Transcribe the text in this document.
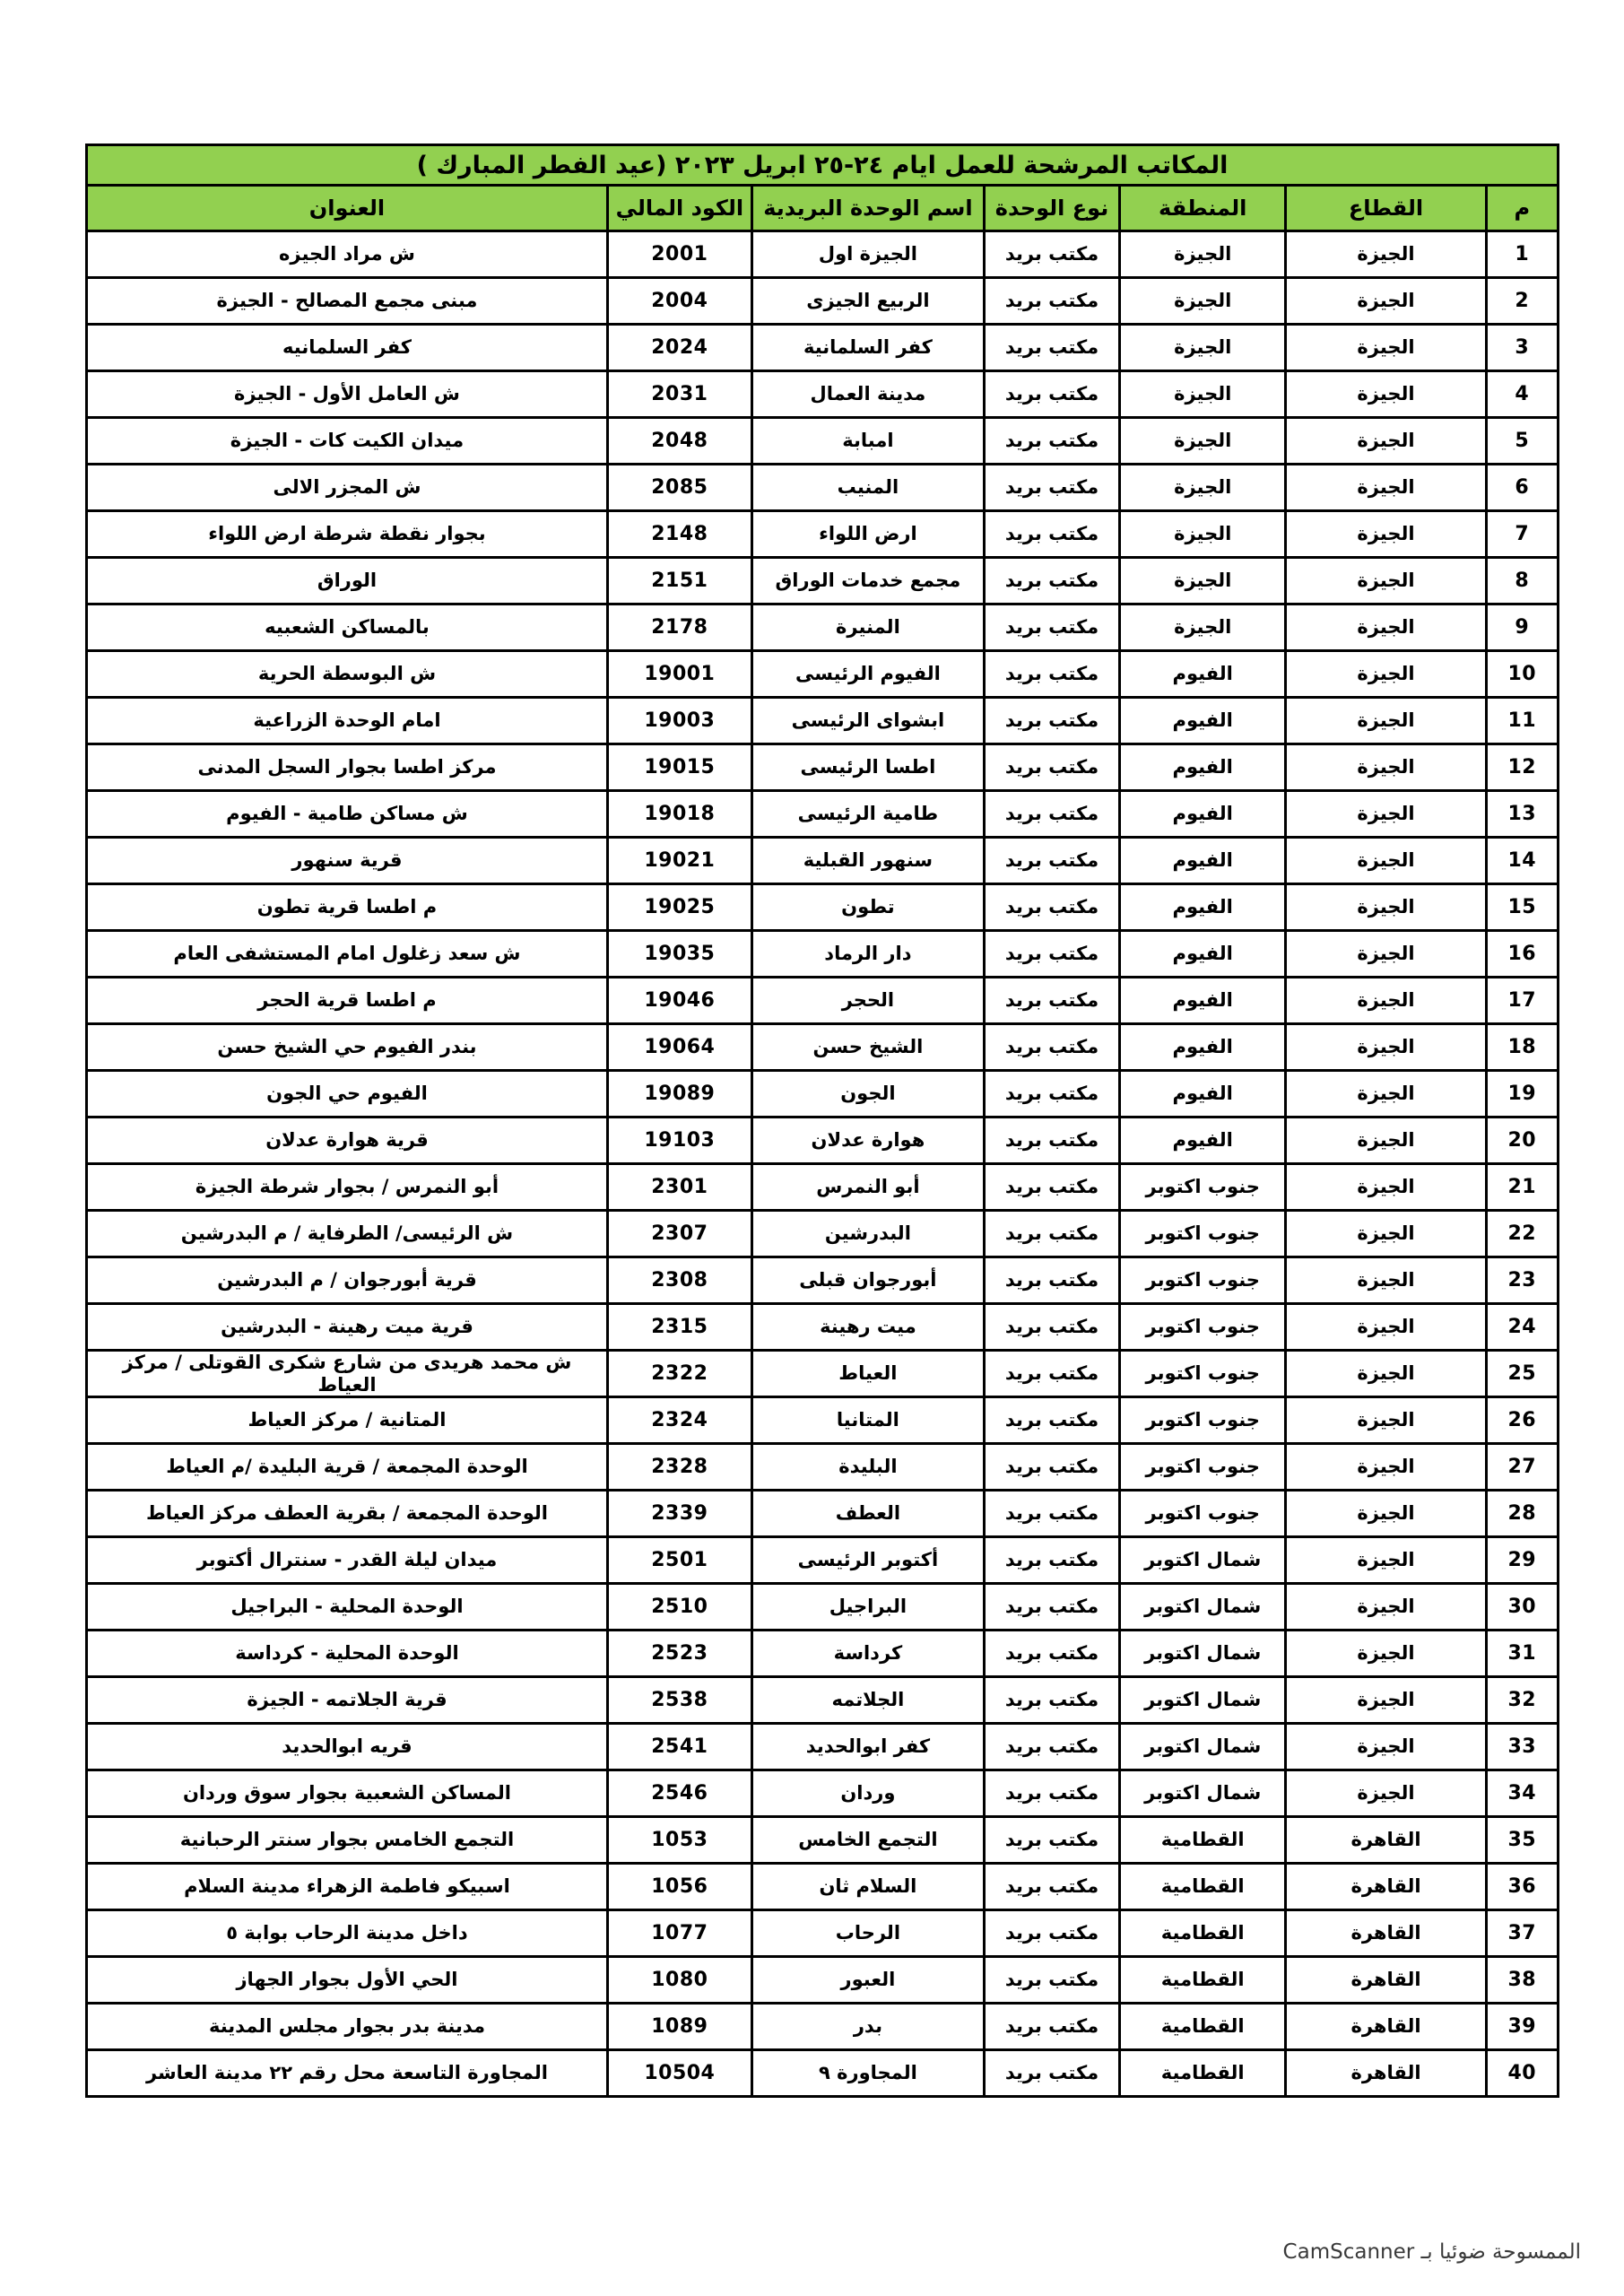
المكاتب المرشحة للعمل ايام ٢٤-٢٥ ابريل ٢٠٢٣ (عيد الفطر المبارك )						
م	القطاع	المنطقة	نوع الوحدة	اسم الوحدة البريدية	الكود المالي	العنوان
1	الجيزة	الجيزة	مكتب بريد	الجيزة اول	2001	ش مراد الجيزه
2	الجيزة	الجيزة	مكتب بريد	الربيع الجيزى	2004	مبنى مجمع المصالح - الجيزة
3	الجيزة	الجيزة	مكتب بريد	كفر السلمانية	2024	كفر السلمانيه
4	الجيزة	الجيزة	مكتب بريد	مدينة العمال	2031	ش العامل الأول - الجيزة
5	الجيزة	الجيزة	مكتب بريد	امبابة	2048	ميدان الكيت كات - الجيزة
6	الجيزة	الجيزة	مكتب بريد	المنيب	2085	ش المجزر الالى
7	الجيزة	الجيزة	مكتب بريد	ارض اللواء	2148	بجوار نقطة شرطة ارض اللواء
8	الجيزة	الجيزة	مكتب بريد	مجمع خدمات الوراق	2151	الوراق
9	الجيزة	الجيزة	مكتب بريد	المنيرة	2178	بالمساكن الشعبيه
10	الجيزة	الفيوم	مكتب بريد	الفيوم الرئيسى	19001	ش البوسطة الحرية
11	الجيزة	الفيوم	مكتب بريد	ابشواى الرئيسى	19003	امام الوحدة الزراعية
12	الجيزة	الفيوم	مكتب بريد	اطسا الرئيسى	19015	مركز اطسا بجوار السجل المدنى
13	الجيزة	الفيوم	مكتب بريد	طامية الرئيسى	19018	ش مساكن طامية - الفيوم
14	الجيزة	الفيوم	مكتب بريد	سنهور القبلية	19021	قرية سنهور
15	الجيزة	الفيوم	مكتب بريد	تطون	19025	م اطسا قرية تطون
16	الجيزة	الفيوم	مكتب بريد	دار الرماد	19035	ش سعد زغلول امام المستشفى العام
17	الجيزة	الفيوم	مكتب بريد	الحجر	19046	م اطسا قرية الحجر
18	الجيزة	الفيوم	مكتب بريد	الشيخ حسن	19064	بندر الفيوم حي الشيخ حسن
19	الجيزة	الفيوم	مكتب بريد	الجون	19089	الفيوم حي الجون
20	الجيزة	الفيوم	مكتب بريد	هوارة عدلان	19103	قرية هوارة عدلان
21	الجيزة	جنوب اكتوبر	مكتب بريد	أبو النمرس	2301	أبو النمرس / بجوار شرطة الجيزة
22	الجيزة	جنوب اكتوبر	مكتب بريد	البدرشين	2307	ش الرئيسى/ الطرفاية / م البدرشين
23	الجيزة	جنوب اكتوبر	مكتب بريد	أبورجوان قبلى	2308	قرية أبورجوان / م البدرشين
24	الجيزة	جنوب اكتوبر	مكتب بريد	ميت رهينة	2315	قرية ميت رهينة - البدرشين
25	الجيزة	جنوب اكتوبر	مكتب بريد	العياط	2322	ش محمد هريدى من شارع شكرى القوتلى / مركز العياط
26	الجيزة	جنوب اكتوبر	مكتب بريد	المتانيا	2324	المتانية / مركز العياط
27	الجيزة	جنوب اكتوبر	مكتب بريد	البليدة	2328	الوحدة المجمعة / قرية البليدة /م العياط
28	الجيزة	جنوب اكتوبر	مكتب بريد	العطف	2339	الوحدة المجمعة / بقرية العطف مركز العياط
29	الجيزة	شمال اكتوبر	مكتب بريد	أكتوبر الرئيسى	2501	ميدان ليلة القدر - سنترال أكتوبر
30	الجيزة	شمال اكتوبر	مكتب بريد	البراجيل	2510	الوحدة المحلية - البراجيل
31	الجيزة	شمال اكتوبر	مكتب بريد	كرداسة	2523	الوحدة المحلية - كرداسة
32	الجيزة	شمال اكتوبر	مكتب بريد	الجلاتمه	2538	قرية الجلاتمه - الجيزة
33	الجيزة	شمال اكتوبر	مكتب بريد	كفر ابوالحديد	2541	قريه ابوالحديد
34	الجيزة	شمال اكتوبر	مكتب بريد	وردان	2546	المساكن الشعبية بجوار سوق وردان
35	القاهرة	القطامية	مكتب بريد	التجمع الخامس	1053	التجمع الخامس بجوار سنتر الرحبانية
36	القاهرة	القطامية	مكتب بريد	السلام ثان	1056	اسبيكو فاطمة الزهراء مدينة السلام
37	القاهرة	القطامية	مكتب بريد	الرحاب	1077	داخل مدينة الرحاب بوابة ٥
38	القاهرة	القطامية	مكتب بريد	العبور	1080	الحي الأول بجوار الجهاز
39	القاهرة	القطامية	مكتب بريد	بدر	1089	مدينة بدر بجوار مجلس المدينة
40	القاهرة	القطامية	مكتب بريد	المجاورة ٩	10504	المجاورة التاسعة محل رقم ٢٢ مدينة العاشر
الممسوحة ضوئيا بـ CamScanner
